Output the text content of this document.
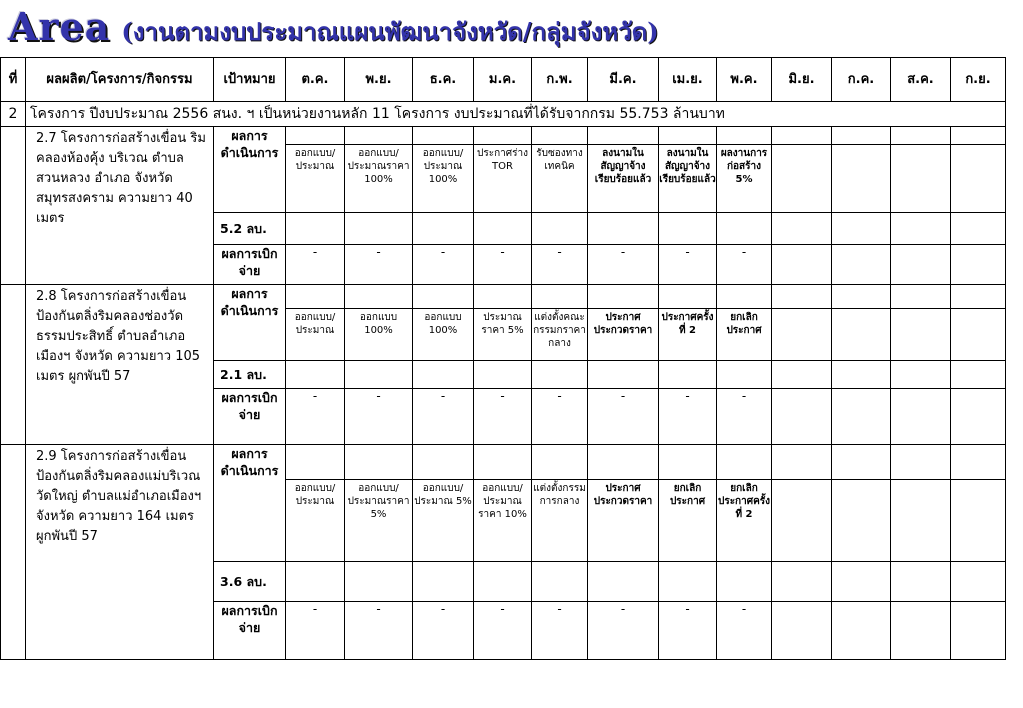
Area (งานตามงบประมาณแผนพัฒนาจังหวัด/กลุ่มจังหวัด)
ที่	ผลผลิต/โครงการ/กิจกรรม	เป้าหมาย	ต.ค.	พ.ย.	ธ.ค.	ม.ค.	ก.พ.	มี.ค.	เม.ย.	พ.ค.	มิ.ย.	ก.ค.	ส.ค.	ก.ย.
2	โครงการ ปีงบประมาณ 2556 สนง. ฯ เป็นหน่วยงานหลัก 11 โครงการ งบประมาณที่ได้รับจากกรม 55.753 ล้านบาท													
	2.7 โครงการก่อสร้างเขื่อน ริมคลองห้องคุ้ง บริเวณ ตำบลสวนหลวง อำเภอ จังหวัดสมุทรสงคราม ความยาว 40 เมตร	ผลการดำเนินการ												
			ออกแบบ/ประมาณ	ออกแบบ/ประมาณราคา 100%	ออกแบบ/ประมาณ 100%	ประกาศร่าง TOR	รับซองทางเทคนิค	ลงนามในสัญญาจ้างเรียบร้อยแล้ว	ลงนามในสัญญาจ้างเรียบร้อยแล้ว	ผลงานการก่อสร้าง 5%				
		5.2 ลบ.												
		ผลการเบิกจ่าย	-	-	-	-	-	-	-	-				
	2.8 โครงการก่อสร้างเขื่อนป้องกันตลิ่งริมคลองช่องวัดธรรมประสิทธิ์ ตำบลอำเภอเมืองฯ จังหวัด ความยาว 105 เมตร ผูกพันปี 57	ผลการดำเนินการ												
			ออกแบบ/ประมาณ	ออกแบบ 100%	ออกแบบ 100%	ประมาณราคา 5%	แต่งตั้งคณะกรรมกราคากลาง	ประกาศประกวดราคา	ประกาศครั้งที่ 2	ยกเลิกประกาศ				
		2.1 ลบ.												
		ผลการเบิกจ่าย	-	-	-	-	-	-	-	-				
	2.9 โครงการก่อสร้างเขื่อนป้องกันตลิ่งริมคลองแม่บริเวณวัดใหญ่ ตำบลแม่อำเภอเมืองฯ จังหวัด ความยาว 164 เมตร ผูกพันปี 57	ผลการดำเนินการ												
			ออกแบบ/ประมาณ	ออกแบบ/ประมาณราคา 5%	ออกแบบ/ประมาณ 5%	ออกแบบ/ประมาณราคา 10%	แต่งตั้งกรรม การกลาง	ประกาศประกวดราคา	ยกเลิกประกาศ	ยกเลิกประกาศครั้งที่ 2				
		3.6 ลบ.												
		ผลการเบิกจ่าย	-	-	-	-	-	-	-	-				
